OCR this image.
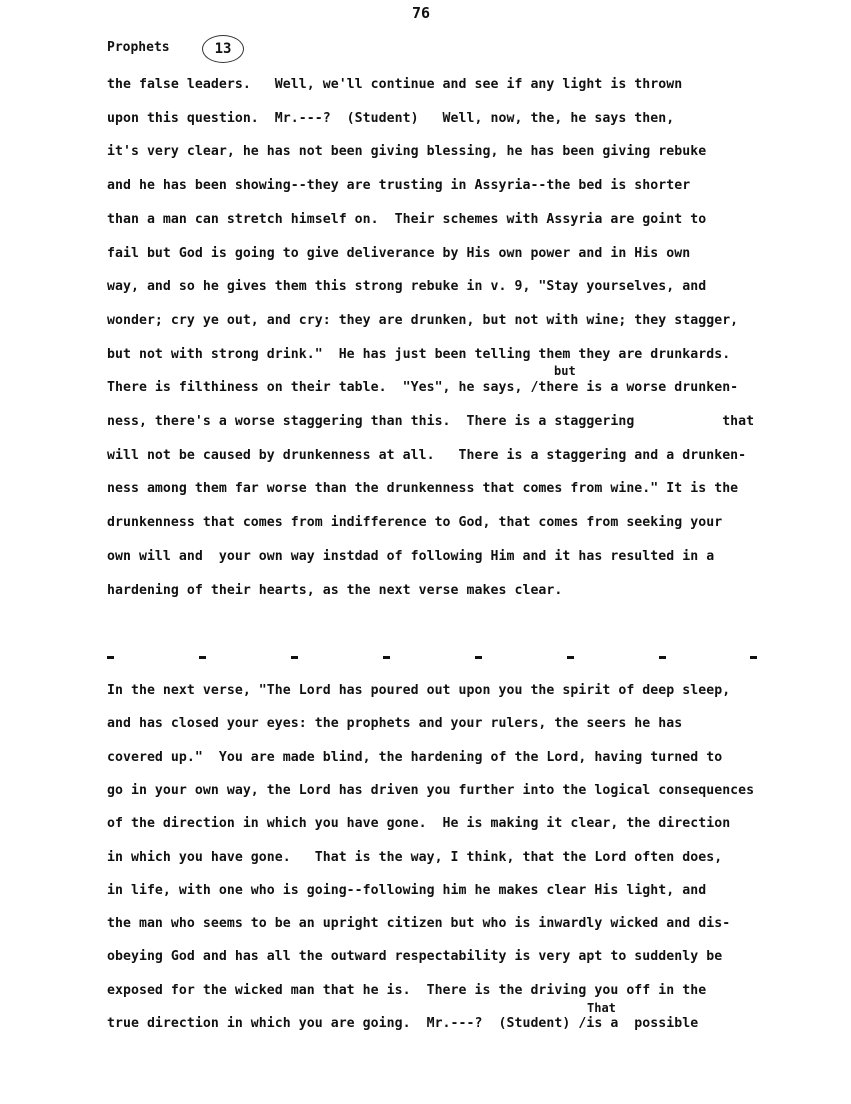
76
Prophets	13
the false leaders.   Well, we'll continue and see if any light is thrown
upon this question.  Mr.---?  (Student)   Well, now, the, he says then,
it's very clear, he has not been giving blessing, he has been giving rebuke
and he has been showing--they are trusting in Assyria--the bed is shorter
than a man can stretch himself on.  Their schemes with Assyria are goint to
fail but God is going to give deliverance by His own power and in His own
way, and so he gives them this strong rebuke in v. 9, "Stay yourselves, and
wonder; cry ye out, and cry: they are drunken, but not with wine; they stagger,
but not with strong drink."  He has just been telling them they are drunkards.
There is filthiness on their table.  "Yes", he says, /there is a worse drunken-
ness, there's a worse staggering than this.  There is a staggering           that
will not be caused by drunkenness at all.   There is a staggering and a drunken-
ness among them far worse than the drunkenness that comes from wine." It is the
drunkenness that comes from indifference to God, that comes from seeking your
own will and  your own way instdad of following Him and it has resulted in a
hardening of their hearts, as the next verse makes clear.
but
In the next verse, "The Lord has poured out upon you the spirit of deep sleep,
and has closed your eyes: the prophets and your rulers, the seers he has
covered up."  You are made blind, the hardening of the Lord, having turned to
go in your own way, the Lord has driven you further into the logical consequences
of the direction in which you have gone.  He is making it clear, the direction
in which you have gone.   That is the way, I think, that the Lord often does,
in life, with one who is going--following him he makes clear His light, and
the man who seems to be an upright citizen but who is inwardly wicked and dis-
obeying God and has all the outward respectability is very apt to suddenly be
exposed for the wicked man that he is.  There is the driving you off in the
true direction in which you are going.  Mr.---?  (Student) /is a  possible
That
